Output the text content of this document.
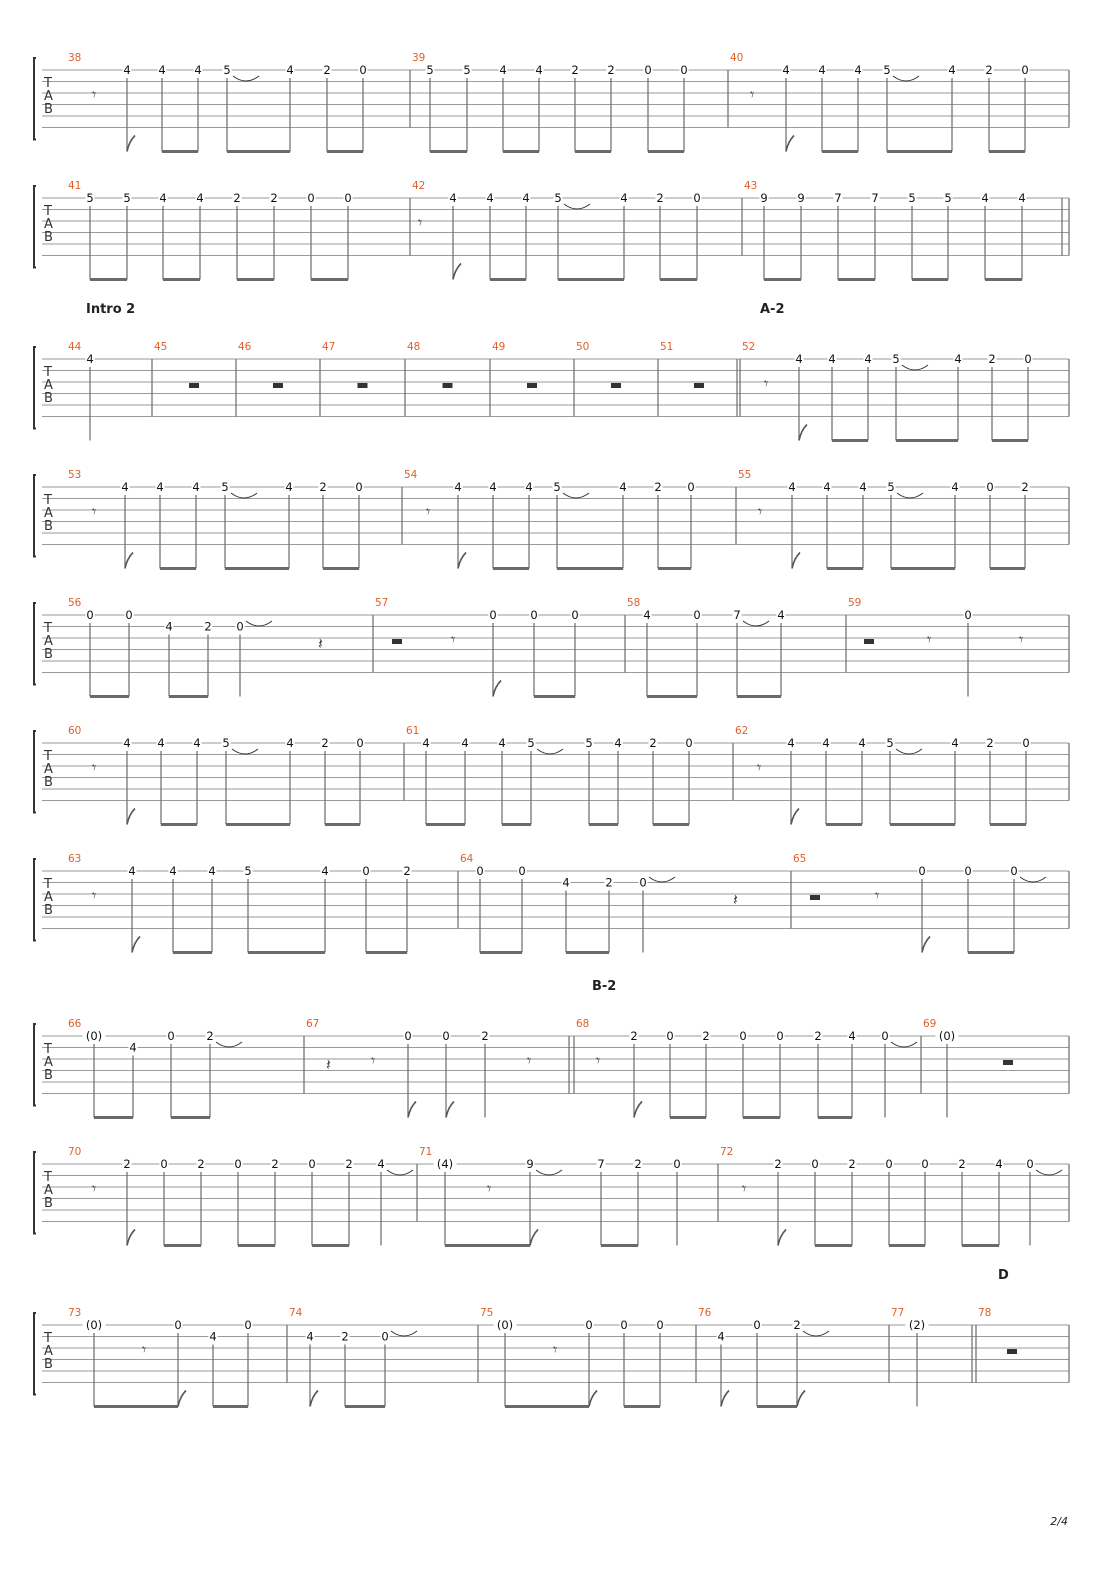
T
A
B
38
4 4 4 5	4	2 0
39
5	5 4 4 2 2	0 0
40
4 4 4 5	4	2 0
𝄾	𝄾
T
A
B
41
5	5 4	4	2	2	0	0
42
4	4 4 5	4 2	0
43
9	9	7	7	5 5	4	4
𝄾
Intro 2	A-2
T
A
B
44
4
45	46	47	48	49	50	51	52
4 4 4 5	4 2 0
𝄾
T
A
B
53
4 4 4 5	4 2 0
54
4 4 4 5	4 2 0
55
4 4 4 5	4 0 2
𝄾	𝄾	𝄾
T
A
B
56
0	0
4	2 0
57
0	0	0
58
4	0	7	4
59
0
𝄾	𝄾	𝄾
𝄽
T
A
B
60
4 4 4 5	4 2 0
61
4	4	4 5	5 4 2 0
62
4 4 4 5	4 2 0
𝄾	𝄾
T
A
B
63
4	4	4 5	4	0	2
64
0	0
4	2 0
65
0	0	0
𝄾	𝄾
𝄽
B-2
T
A
B
66
(0)
4
0	2
67
0	0	2
68
2 0 2	0	0	2 4 0
69
(0)
𝄾	𝄾	𝄾
𝄽
T
A
B
70
2	0	2	0	2	0	2 4
71
(4)	9	7	2	0
72
2	0	2	0 0	2	4 0
𝄾	𝄾	𝄾
D
T
A
B
73
(0)	0
4
0
74
4 2	0
75
(0)	0 0 0
76
4
0	2
77
(2)
78
𝄾	𝄾
2/4
